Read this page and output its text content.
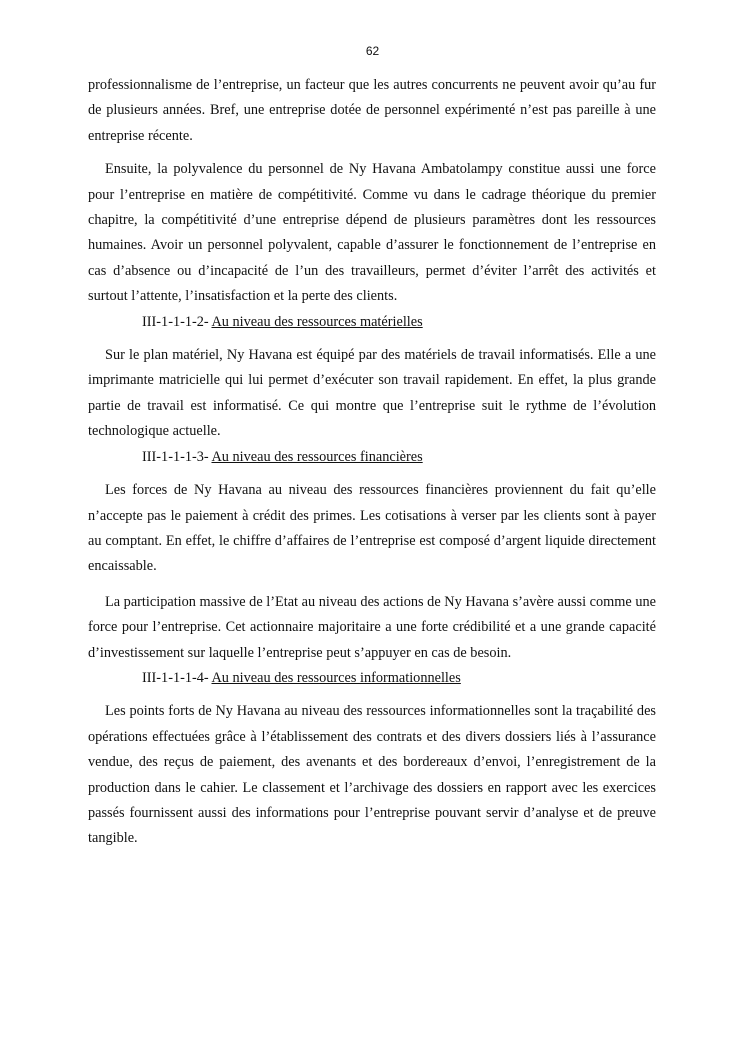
62

professionnalisme de l’entreprise, un facteur que les autres concurrents ne peuvent avoir qu’au fur de plusieurs années. Bref, une entreprise dotée de personnel expérimenté n’est pas pareille à une entreprise récente.

Ensuite, la polyvalence du personnel de Ny Havana Ambatolampy constitue aussi une force pour l’entreprise en matière de compétitivité. Comme vu dans le cadrage théorique du premier chapitre, la compétitivité d’une entreprise dépend de plusieurs paramètres dont les ressources humaines. Avoir un personnel polyvalent, capable d’assurer le fonctionnement de l’entreprise en cas d’absence ou d’incapacité de l’un des travailleurs, permet d’éviter l’arrêt des activités et surtout l’attente, l’insatisfaction et la perte des clients.

III-1-1-1-2- Au niveau des ressources matérielles

Sur le plan matériel, Ny Havana est équipé par des matériels de travail informatisés. Elle a une imprimante matricielle qui lui permet d’exécuter son travail rapidement. En effet, la plus grande partie de travail est informatisé. Ce qui montre que l’entreprise suit le rythme de l’évolution technologique actuelle.

III-1-1-1-3- Au niveau des ressources financières

Les forces de Ny Havana au niveau des ressources financières proviennent du fait qu’elle n’accepte pas le paiement à crédit des primes. Les cotisations à verser par les clients sont à payer au comptant. En effet, le chiffre d’affaires de l’entreprise est composé d’argent liquide directement encaissable.

La participation massive de l’Etat au niveau des actions de Ny Havana s’avère aussi comme une force pour l’entreprise. Cet actionnaire majoritaire a une forte crédibilité et a une grande capacité d’investissement sur laquelle l’entreprise peut s’appuyer en cas de besoin.

III-1-1-1-4- Au niveau des ressources informationnelles

Les points forts de Ny Havana au niveau des ressources informationnelles sont la traçabilité des opérations effectuées grâce à l’établissement des contrats et des divers dossiers liés à l’assurance vendue, des reçus de paiement, des avenants et des bordereaux d’envoi, l’enregistrement de la production dans le cahier. Le classement et l’archivage des dossiers en rapport avec les exercices passés fournissent aussi des informations pour l’entreprise pouvant servir d’analyse et de preuve tangible.
